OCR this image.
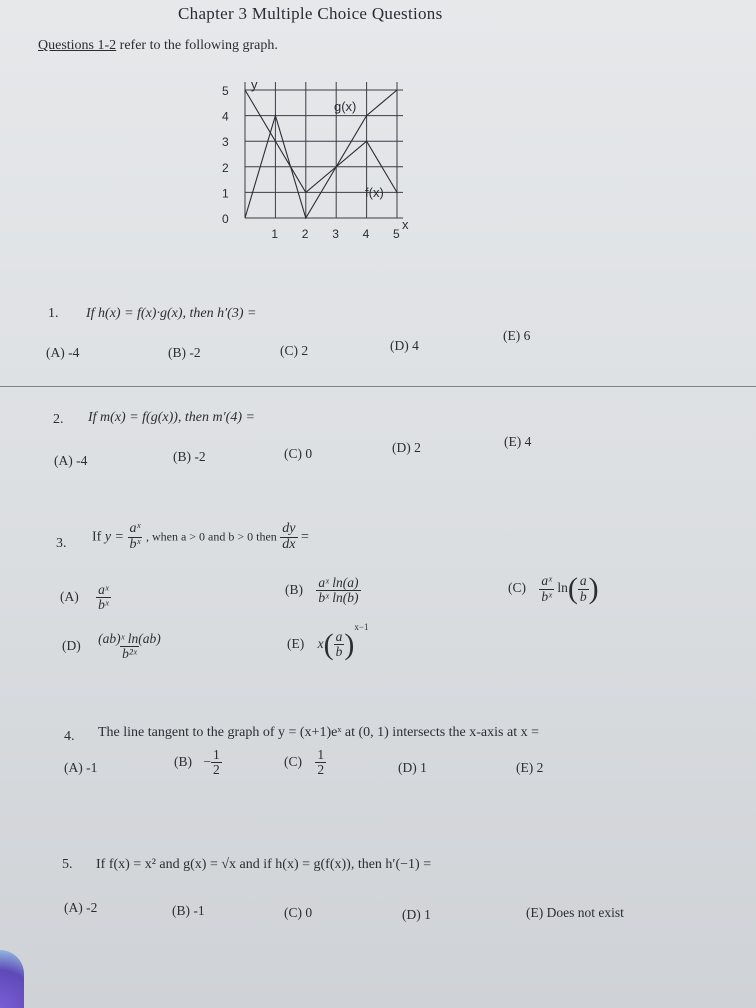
Chapter 3 Multiple Choice Questions
Questions 1-2 refer to the following graph.
y
x
g(x)
f(x)
5
4
3
2
1
0
1 2 3 4 5
1. If h(x) = f(x)·g(x), then h′(3) =
(A) -4	(B) -2	(C) 2	(D) 4
(E) 6
2. If m(x) = f(g(x)), then m′(4) =
(A) -4	(B) -2	(C) 0	(D) 2	(E) 4
3. If $y = \frac{\text{aˣ}}{\text{bˣ}}$ , when a > 0 and b > 0 then $\frac{dy}{dx}$ =
$(A) \frac{\text{aˣ}}{\text{bˣ}}$	$(B) \frac{\text{aˣ ln(a)}}{\text{bˣ ln(b)}}$	$(C) \frac{\text{aˣ}}{\text{bˣ}} \ln( \frac{a}{b}$ )
$(D) \frac{\text{(ab)ˣ ln(ab)}}{\text{b²ˣ}}$	(E) $x( \frac{a}{b} )^{x-1}$
4. The line tangent to the graph of y = (x+1)eˣ at (0, 1) intersects the x-axis at x =
(A) -1	$(B) - \frac{1}{2}$	$(C) \frac{1}{2}$	(D) 1	(E) 2
5. If f(x) = x² and g(x) = √x and if h(x) = g(f(x)), then h′(−1) =
(A) -2	(B) -1	(C) 0	(D) 1	(E) Does not exist
